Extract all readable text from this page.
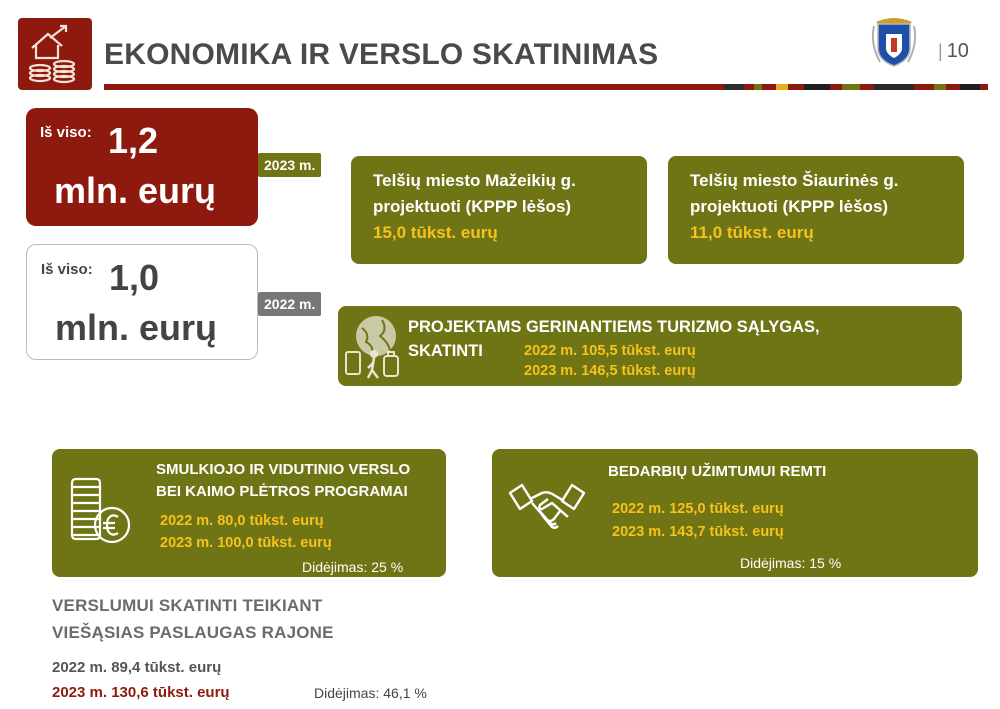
EKONOMIKA IR VERSLO SKATINIMAS	| 10
Iš viso: 1,2
mln. eurų
2023 m.
Iš viso: 1,0
mln. eurų
2022 m.
Telšių miesto Mažeikių g.
projektuoti (KPPP lėšos)
15,0 tūkst. eurų
Telšių miesto Šiaurinės g.
projektuoti (KPPP lėšos)
11,0 tūkst. eurų
PROJEKTAMS GERINANTIEMS TURIZMO SĄLYGAS,
SKATINTI	2022 m. 105,5 tūkst. eurų
2023 m. 146,5 tūkst. eurų
SMULKIOJO IR VIDUTINIO VERSLO
BEI KAIMO PLĖTROS PROGRAMAI
2022 m. 80,0 tūkst. eurų
2023 m. 100,0 tūkst. eurų
Didėjimas: 25 %
BEDARBIŲ UŽIMTUMUI REMTI
2022 m. 125,0 tūkst. eurų
2023 m. 143,7 tūkst. eurų
Didėjimas: 15 %
VERSLUMUI SKATINTI TEIKIANT
VIEŠĄSIAS PASLAUGAS RAJONE
2022 m. 89,4 tūkst. eurų
2023 m. 130,6 tūkst. eurų	Didėjimas: 46,1 %
